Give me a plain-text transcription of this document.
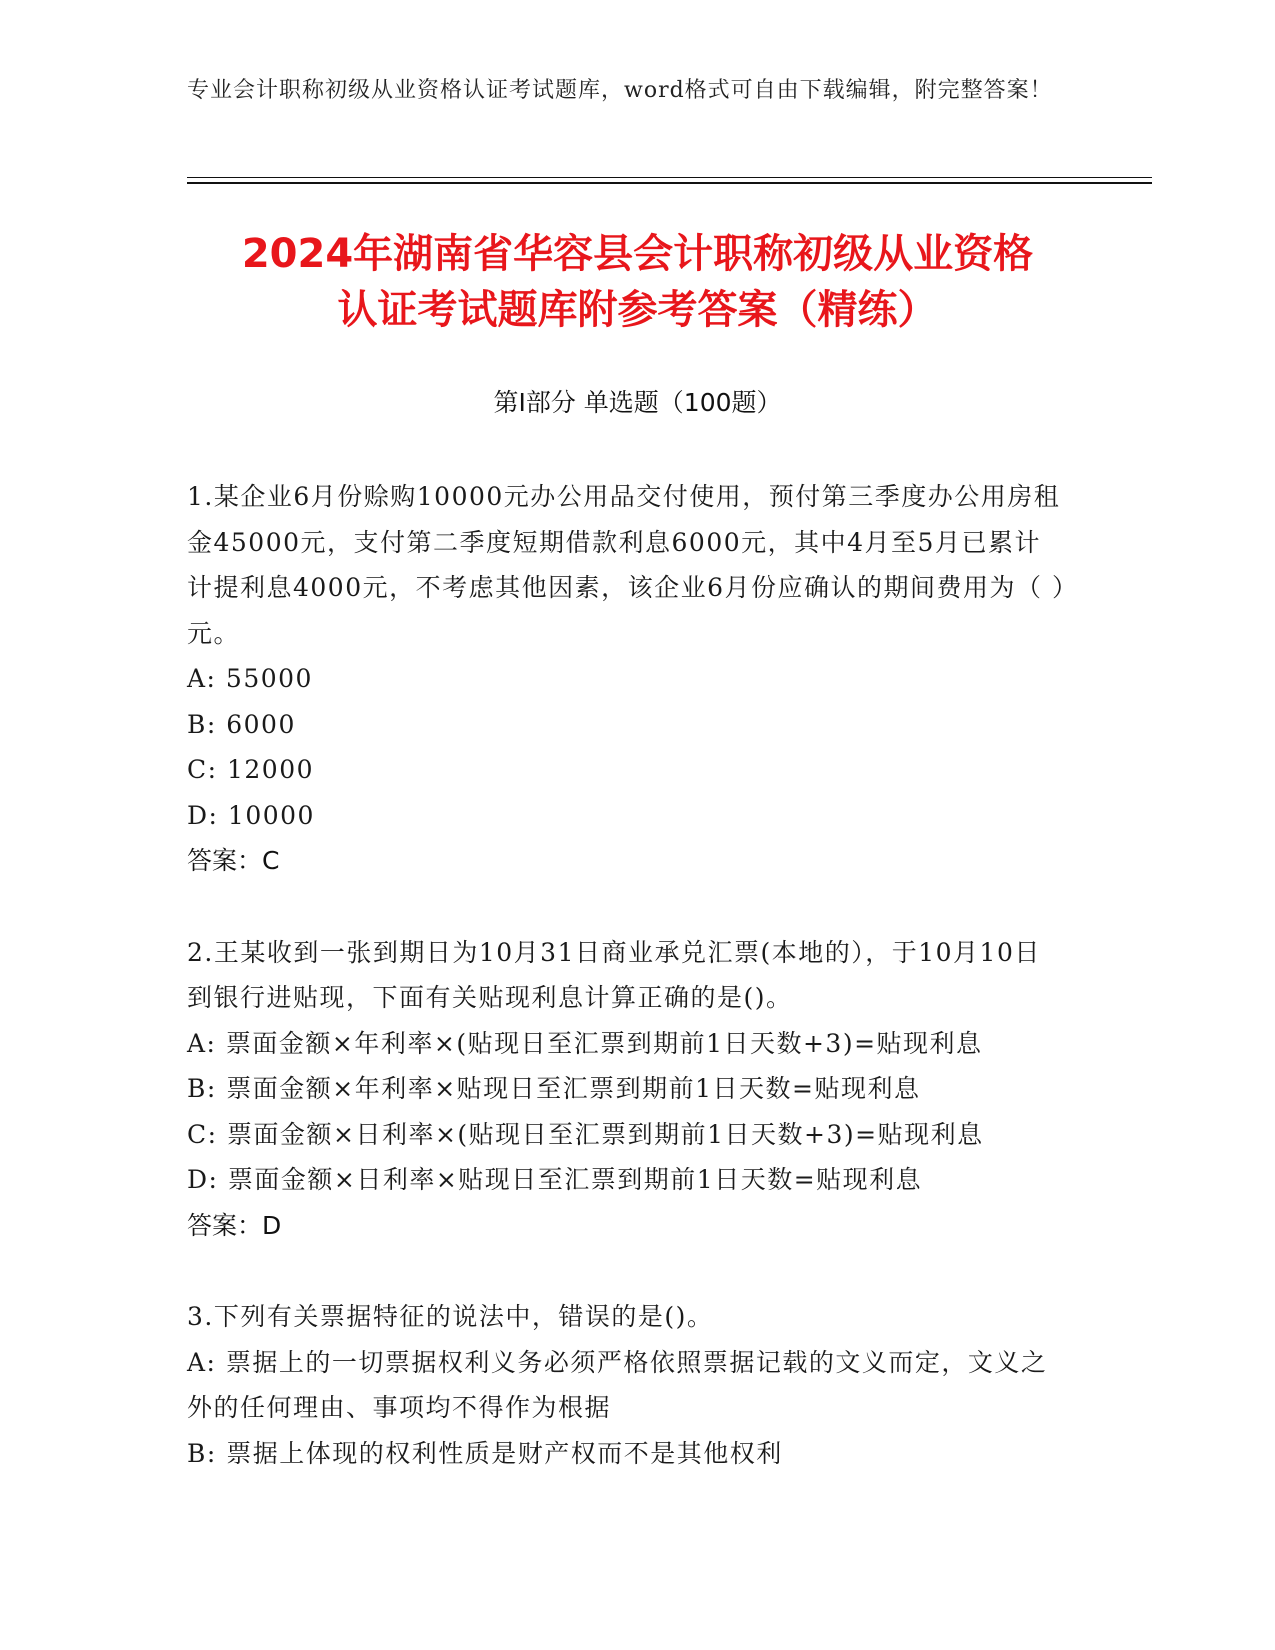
专业会计职称初级从业资格认证考试题库，word格式可自由下载编辑，附完整答案！
2024年湖南省华容县会计职称初级从业资格
认证考试题库附参考答案（精练）
第I部分 单选题（100题）
1.某企业6月份赊购10000元办公用品交付使用，预付第三季度办公用房租金45000元，支付第二季度短期借款利息6000元，其中4月至5月已累计计提利息4000元，不考虑其他因素，该企业6月份应确认的期间费用为（ ）元。
A: 55000
B: 6000
C: 12000
D: 10000
答案：C
2.王某收到一张到期日为10月31日商业承兑汇票(本地的），于10月10日到银行进贴现，下面有关贴现利息计算正确的是()。
A: 票面金额×年利率×(贴现日至汇票到期前1日天数+3)=贴现利息
B: 票面金额×年利率×贴现日至汇票到期前1日天数=贴现利息
C: 票面金额×日利率×(贴现日至汇票到期前1日天数+3)=贴现利息
D: 票面金额×日利率×贴现日至汇票到期前1日天数=贴现利息
答案：D
3.下列有关票据特征的说法中，错误的是()。
A: 票据上的一切票据权利义务必须严格依照票据记载的文义而定，文义之外的任何理由、事项均不得作为根据
B: 票据上体现的权利性质是财产权而不是其他权利
